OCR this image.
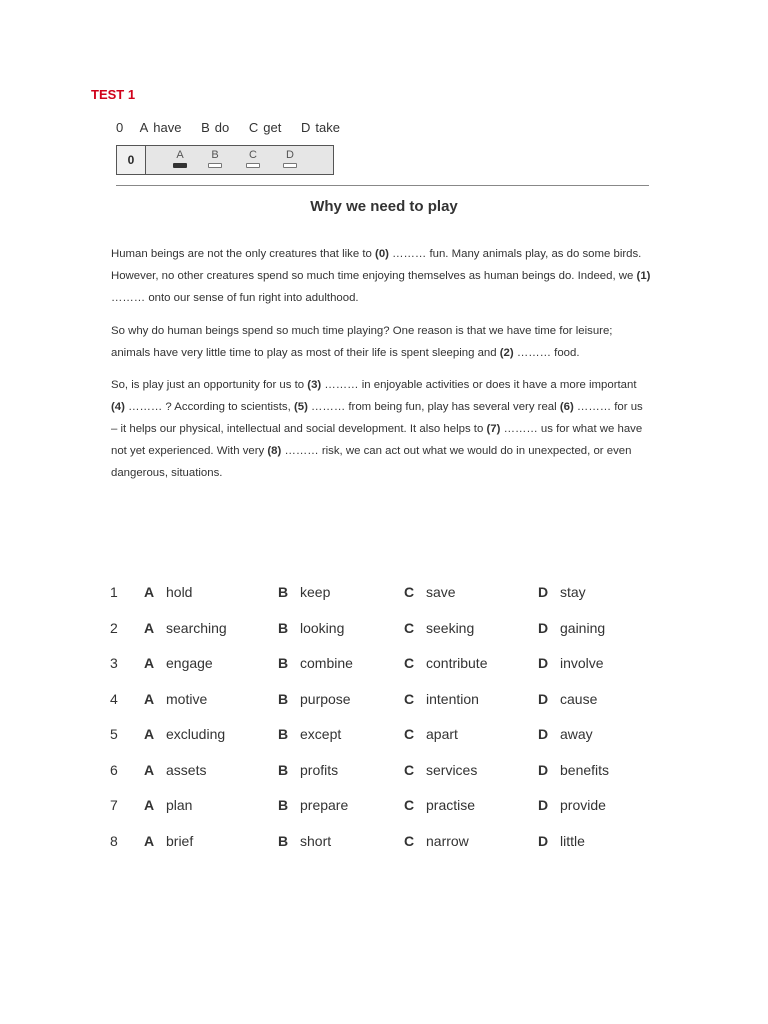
TEST 1
0 A have B do C get D take
0	A	B	C	D
Why we need to play
Human beings are not the only creatures that like to (0) ……… fun. Many animals play, as do some birds. However, no other creatures spend so much time enjoying themselves as human beings do. Indeed, we (1) ……… onto our sense of fun right into adulthood.
So why do human beings spend so much time playing? One reason is that we have time for leisure; animals have very little time to play as most of their life is spent sleeping and (2) ……… food.
So, is play just an opportunity for us to (3) ……… in enjoyable activities or does it have a more important (4) ……… ? According to scientists, (5) ……… from being fun, play has several very real (6) ……… for us – it helps our physical, intellectual and social development. It also helps to (7) ……… us for what we have not yet experienced. With very (8) ……… risk, we can act out what we would do in unexpected, or even dangerous, situations.
1 A hold	B keep	C save	D stay
2 A searching	B looking	C seeking	D gaining
3 A engage	B combine	C contribute	D involve
4 A motive	B purpose	C intention	D cause
5 A excluding	B except	C apart	D away
6 A assets	B profits	C services	D benefits
7 A plan	B prepare	C practise	D provide
8 A brief	B short	C narrow	D little
